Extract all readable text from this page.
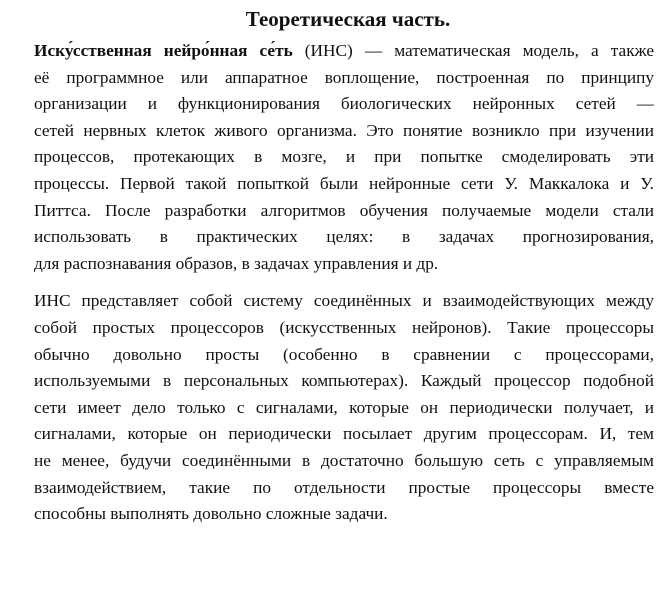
Теоретическая часть.
Иску́сственная нейро́нная се́ть (ИНС) — математическая модель, а также
её программное или аппаратное воплощение, построенная по принципу
организации и функционирования биологических нейронных сетей —
сетей нервных клеток живого организма. Это понятие возникло при изучении
процессов, протекающих в мозге, и при попытке смоделировать эти
процессы. Первой такой попыткой были нейронные сети У. Маккалока и У.
Питтса. После разработки алгоритмов обучения получаемые модели стали
использовать в практических целях: в задачах прогнозирования,
для распознавания образов, в задачах управления и др.
ИНС представляет собой систему соединённых и взаимодействующих между
собой простых процессоров (искусственных нейронов). Такие процессоры
обычно довольно просты (особенно в сравнении с процессорами,
используемыми в персональных компьютерах). Каждый процессор подобной
сети имеет дело только с сигналами, которые он периодически получает, и
сигналами, которые он периодически посылает другим процессорам. И, тем
не менее, будучи соединёнными в достаточно большую сеть с управляемым
взаимодействием, такие по отдельности простые процессоры вместе
способны выполнять довольно сложные задачи.
